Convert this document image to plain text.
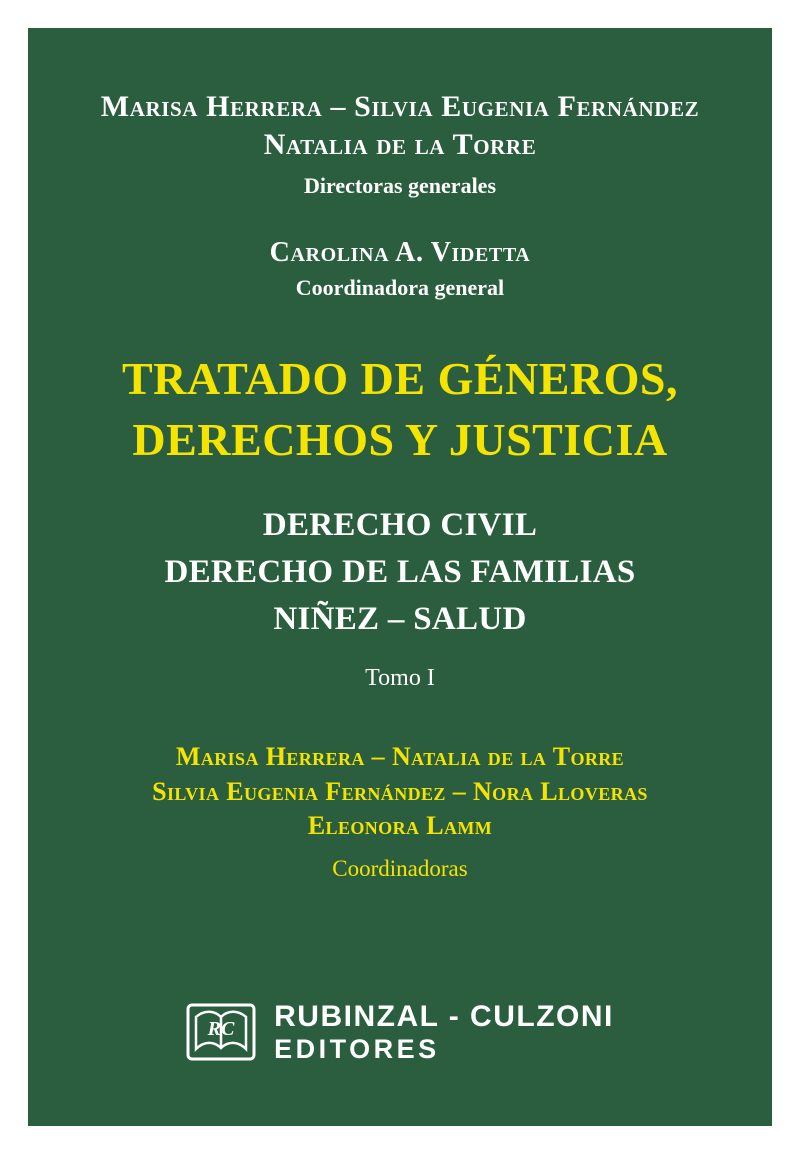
Marisa Herrera – Silvia Eugenia Fernández
Natalia de la Torre
Directoras generales
Carolina A. Videtta
Coordinadora general
TRATADO DE GÉNEROS,
DERECHOS Y JUSTICIA
DERECHO CIVIL
DERECHO DE LAS FAMILIAS
NIÑEZ – SALUD
Tomo I
Marisa Herrera – Natalia de la Torre
Silvia Eugenia Fernández – Nora Lloveras
Eleonora Lamm
Coordinadoras
RC RUBINZAL - CULZONI
EDITORES
